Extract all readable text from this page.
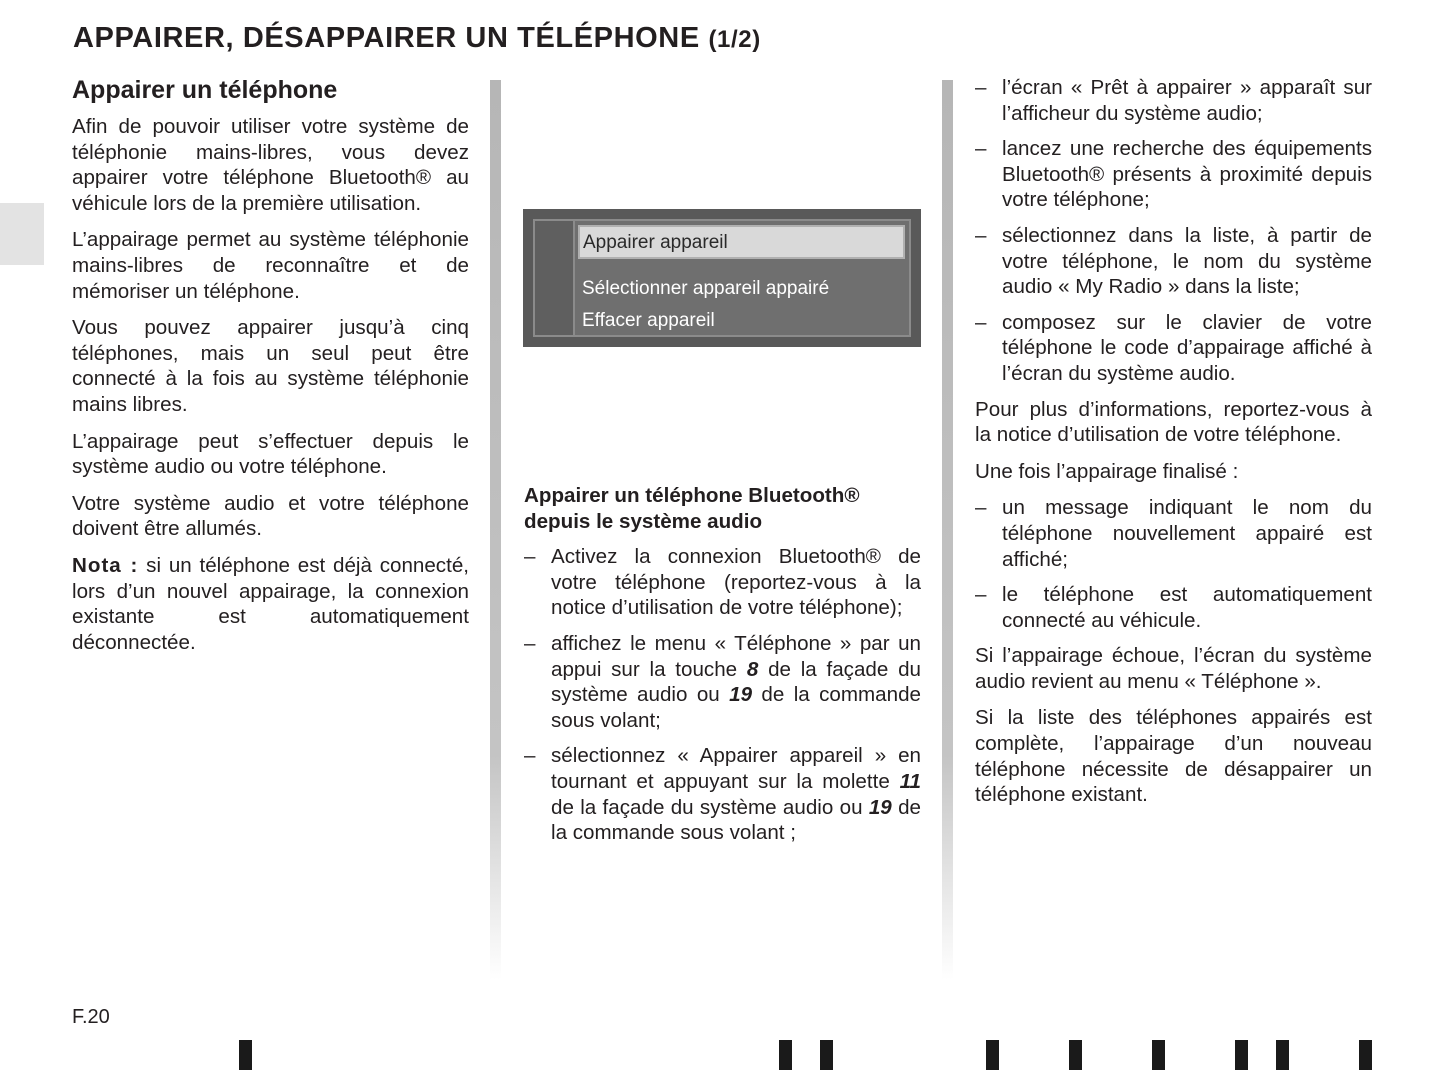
APPAIRER, DÉSAPPAIRER UN TÉLÉPHONE (1/2)
Appairer un téléphone

Afin de pouvoir utiliser votre système de téléphonie mains-libres, vous devez appairer votre téléphone Bluetooth® au véhicule lors de la première utilisation.

L’appairage permet au système téléphonie mains-libres de reconnaître et de mémoriser un téléphone.

Vous pouvez appairer jusqu’à cinq téléphones, mais un seul peut être connecté à la fois au système téléphonie mains libres.

L’appairage peut s’effectuer depuis le système audio ou votre téléphone.

Votre système audio et votre téléphone doivent être allumés.

Nota : si un téléphone est déjà connecté, lors d’un nouvel appairage, la connexion existante est automatiquement déconnectée.

Appairer appareil
Sélectionner appareil appairé
Effacer appareil
Appairer un téléphone Bluetooth® depuis le système audio
– Activez la connexion Bluetooth® de votre téléphone (reportez-vous à la notice d’utilisation de votre téléphone);
– affichez le menu « Téléphone » par un appui sur la touche 8 de la façade du système audio ou 19 de la commande sous volant;
– sélectionnez « Appairer appareil » en tournant et appuyant sur la molette 11 de la façade du système audio ou 19 de la commande sous volant ;
– l’écran « Prêt à appairer » apparaît sur l’afficheur du système audio;
– lancez une recherche des équipements Bluetooth® présents à proximité depuis votre téléphone;
– sélectionnez dans la liste, à partir de votre téléphone, le nom du système audio « My Radio » dans la liste;
– composez sur le clavier de votre téléphone le code d’appairage affiché à l’écran du système audio.

Pour plus d’informations, reportez-vous à la notice d’utilisation de votre téléphone.

Une fois l’appairage finalisé :

– un message indiquant le nom du téléphone nouvellement appairé est affiché;
– le téléphone est automatiquement connecté au véhicule.

Si l’appairage échoue, l’écran du système audio revient au menu « Téléphone ».

Si la liste des téléphones appairés est complète, l’appairage d’un nouveau téléphone nécessite de désappairer un téléphone existant.

F.20
